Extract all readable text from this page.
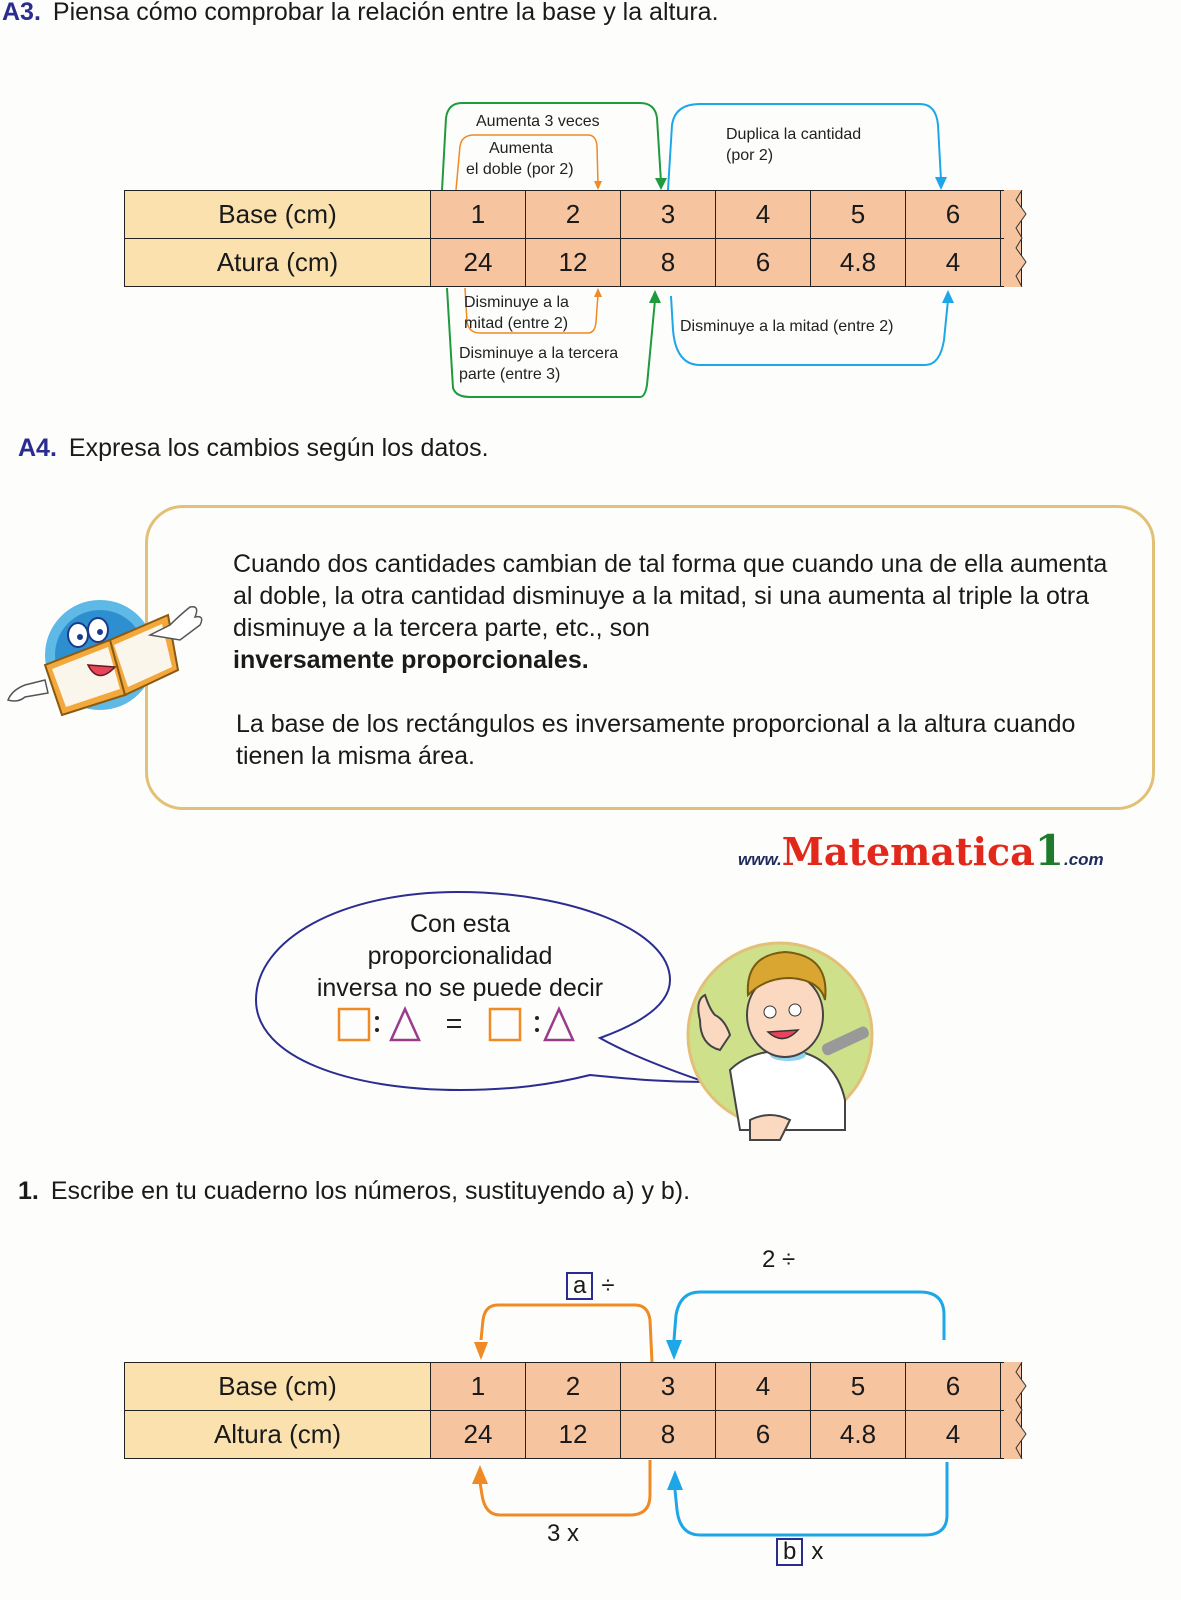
A3. Piensa cómo comprobar la relación entre la base y la altura.
Aumenta 3 veces
Aumenta
el doble (por 2)
Duplica la cantidad
(por 2)
Disminuye a la
mitad (entre 2)
Disminuye a la tercera
parte (entre 3)
Disminuye a la mitad (entre 2)
Base (cm)	1	2	3	4	5	6
Atura (cm)	24	12	8	6	4.8	4
A4. Expresa los cambios según los datos.

Cuando dos cantidades cambian de tal forma que cuando una de ella aumenta al doble, la otra cantidad disminuye a la mitad, si una aumenta al triple la otra disminuye a la tercera parte, etc., son
inversamente proporcionales.

La base de los rectángulos es inversamente proporcional a la altura cuando tienen la misma área.

www.Matematica1.com
Con esta
proporcionalidad
inversa no se puede decir
1. Escribe en tu cuaderno los números, sustituyendo a) y b).
a ÷
2 ÷
3 x
b x
Base (cm)	1	2	3	4	5	6
Altura (cm)	24	12	8	6	4.8	4
